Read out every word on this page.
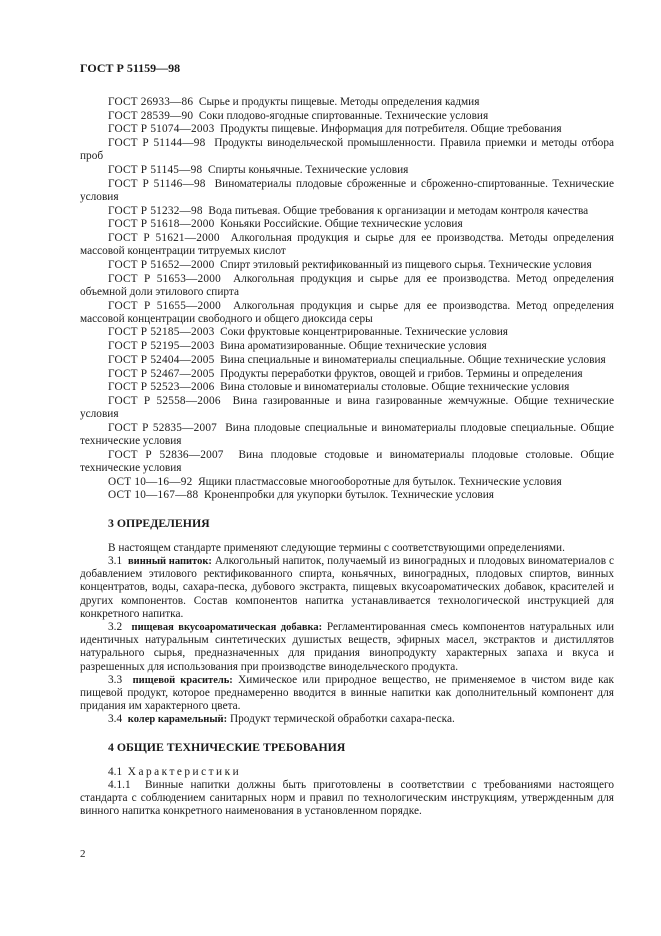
ГОСТ Р 51159—98

ГОСТ 26933—86 Сырье и продукты пищевые. Методы определения кадмия

ГОСТ 28539—90 Соки плодово-ягодные спиртованные. Технические условия

ГОСТ Р 51074—2003 Продукты пищевые. Информация для потребителя. Общие требования

ГОСТ Р 51144—98 Продукты винодельческой промышленности. Правила приемки и методы отбора проб

ГОСТ Р 51145—98 Спирты коньячные. Технические условия

ГОСТ Р 51146—98 Виноматериалы плодовые сброженные и сброженно-спиртованные. Технические условия

ГОСТ Р 51232—98 Вода питьевая. Общие требования к организации и методам контроля качества

ГОСТ Р 51618—2000 Коньяки Российские. Общие технические условия

ГОСТ Р 51621—2000 Алкогольная продукция и сырье для ее производства. Методы определения массовой концентрации титруемых кислот

ГОСТ Р 51652—2000 Спирт этиловый ректификованный из пищевого сырья. Технические условия

ГОСТ Р 51653—2000 Алкогольная продукция и сырье для ее производства. Метод определения объемной доли этилового спирта

ГОСТ Р 51655—2000 Алкогольная продукция и сырье для ее производства. Метод определения массовой концентрации свободного и общего диоксида серы

ГОСТ Р 52185—2003 Соки фруктовые концентрированные. Технические условия

ГОСТ Р 52195—2003 Вина ароматизированные. Общие технические условия

ГОСТ Р 52404—2005 Вина специальные и виноматериалы специальные. Общие технические условия

ГОСТ Р 52467—2005 Продукты переработки фруктов, овощей и грибов. Термины и определения

ГОСТ Р 52523—2006 Вина столовые и виноматериалы столовые. Общие технические условия

ГОСТ Р 52558—2006 Вина газированные и вина газированные жемчужные. Общие технические условия

ГОСТ Р 52835—2007 Вина плодовые специальные и виноматериалы плодовые специальные. Общие технические условия

ГОСТ Р 52836—2007 Вина плодовые стодовые и виноматериалы плодовые столовые. Общие технические условия

ОСТ 10—16—92 Ящики пластмассовые многооборотные для бутылок. Технические условия

ОСТ 10—167—88 Кроненпробки для укупорки бутылок. Технические условия

3 ОПРЕДЕЛЕНИЯ

В настоящем стандарте применяют следующие термины с соответствующими определениями.

3.1 винный напиток: Алкогольный напиток, получаемый из виноградных и плодовых виноматериалов с добавлением этилового ректификованного спирта, коньячных, виноградных, плодовых спиртов, винных концентратов, воды, сахара-песка, дубового экстракта, пищевых вкусоароматических добавок, красителей и других компонентов. Состав компонентов напитка устанавливается технологической инструкцией для конкретного напитка.

3.2 пищевая вкусоароматическая добавка: Регламентированная смесь компонентов натуральных или идентичных натуральным синтетических душистых веществ, эфирных масел, экстрактов и дистиллятов натурального сырья, предназначенных для придания винопродукту характерных запаха и вкуса и разрешенных для использования при производстве винодельческого продукта.

3.3 пищевой краситель: Химическое или природное вещество, не применяемое в чистом виде как пищевой продукт, которое преднамеренно вводится в винные напитки как дополнительный компонент для придания им характерного цвета.

3.4 колер карамельный: Продукт термической обработки сахара-песка.

4 ОБЩИЕ ТЕХНИЧЕСКИЕ ТРЕБОВАНИЯ

4.1 Характеристики

4.1.1 Винные напитки должны быть приготовлены в соответствии с требованиями настоящего стандарта с соблюдением санитарных норм и правил по технологическим инструкциям, утвержденным для винного напитка конкретного наименования в установленном порядке.

2
